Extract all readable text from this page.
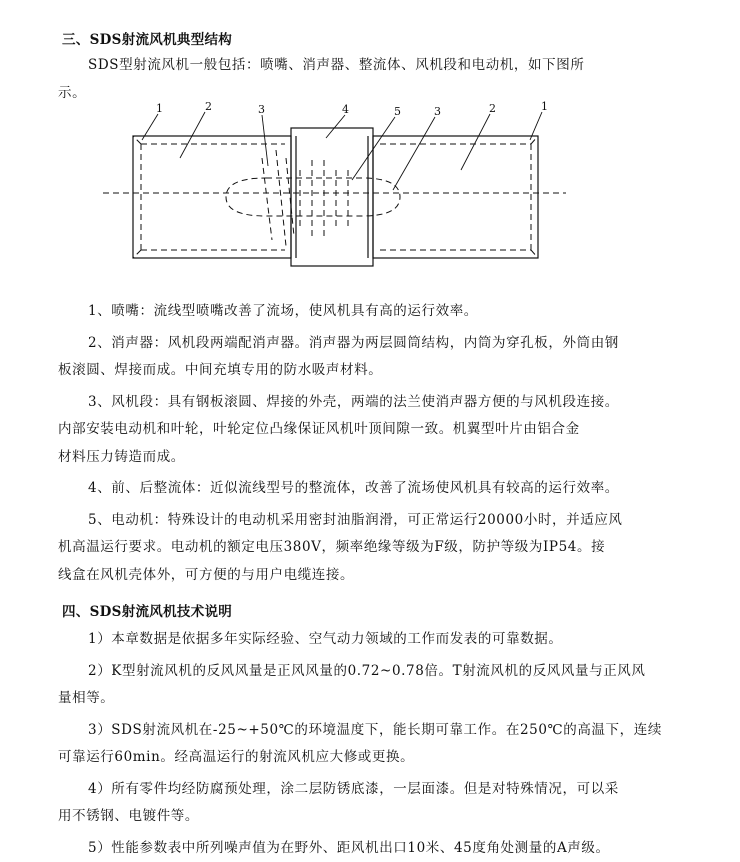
三、SDS射流风机典型结构
SDS型射流风机一般包括：喷嘴、消声器、整流体、风机段和电动机，如下图所
示。
1	2	3	4	5	3	2	1
1、喷嘴：流线型喷嘴改善了流场，使风机具有高的运行效率。
2、消声器：风机段两端配消声器。消声器为两层圆筒结构，内筒为穿孔板，外筒由钢
板滚圆、焊接而成。中间充填专用的防水吸声材料。
3、风机段：具有钢板滚圆、焊接的外壳，两端的法兰使消声器方便的与风机段连接。
内部安装电动机和叶轮，叶轮定位凸缘保证风机叶顶间隙一致。机翼型叶片由铝合金
材料压力铸造而成。
4、前、后整流体：近似流线型号的整流体，改善了流场使风机具有较高的运行效率。
5、电动机：特殊设计的电动机采用密封油脂润滑，可正常运行20000小时，并适应风
机高温运行要求。电动机的额定电压380V，频率绝缘等级为F级，防护等级为IP54。接
线盒在风机壳体外，可方便的与用户电缆连接。
四、SDS射流风机技术说明
1）本章数据是依据多年实际经验、空气动力领域的工作而发表的可靠数据。
2）K型射流风机的反风风量是正风风量的0.72~0.78倍。T射流风机的反风风量与正风风
量相等。
3）SDS射流风机在-25~+50℃的环境温度下，能长期可靠工作。在250℃的高温下，连续
可靠运行60min。经高温运行的射流风机应大修或更换。
4）所有零件均经防腐预处理，涂二层防锈底漆，一层面漆。但是对特殊情况，可以采
用不锈钢、电镀件等。
5）性能参数表中所列噪声值为在野外、距风机出口10米、45度角处测量的A声级。
